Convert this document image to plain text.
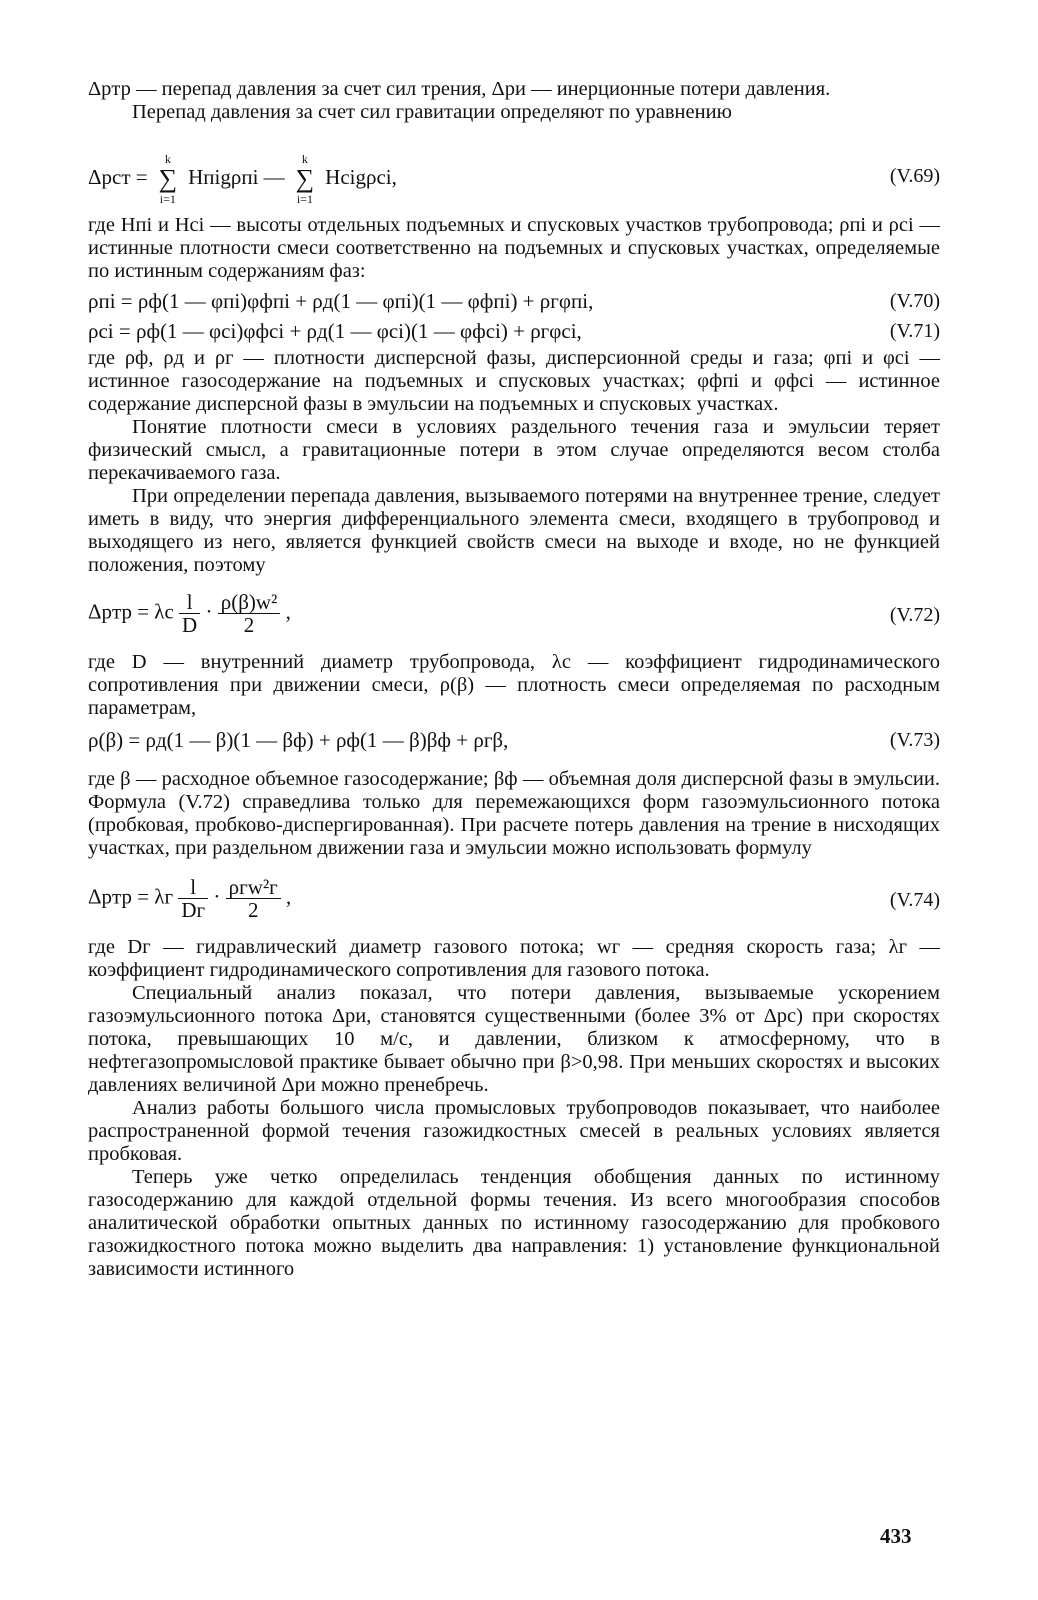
Δpтр — перепад давления за счет сил трения, Δpи — инерционные потери давления.

Перепад давления за счет сил гравитации определяют по уравнению

Δpст = k
∑
i=1 Hпigρпi — k
∑
i=1 Hcigρci,	(V.69)

где Hпi и Hci — высоты отдельных подъемных и спусковых участков трубопровода; ρпi и ρci — истинные плотности смеси соответственно на подъемных и спусковых участках, определяемые по истинным содержаниям фаз:

ρпi = ρф(1 — φпi)φфпi + ρд(1 — φпi)(1 — φфпi) + ρгφпi,	(V.70)
ρci = ρф(1 — φci)φфci + ρд(1 — φci)(1 — φфci) + ρгφci,	(V.71)

где ρф, ρд и ρг — плотности дисперсной фазы, дисперсионной среды и газа; φпi и φci — истинное газосодержание на подъемных и спусковых участках; φфпi и φфci — истинное содержание дисперсной фазы в эмульсии на подъемных и спусковых участках.

Понятие плотности смеси в условиях раздельного течения газа и эмульсии теряет физический смысл, а гравитационные потери в этом случае определяются весом столба перекачиваемого газа.

При определении перепада давления, вызываемого потерями на внутреннее трение, следует иметь в виду, что энергия дифференциального элемента смеси, входящего в трубопровод и выходящего из него, является функцией свойств смеси на выходе и входе, но не функцией положения, поэтому

Δpтр = λc $\frac{l}{D} \cdot \frac{\text{ρ(β)w²}}{2}$ ,	(V.72)

где D — внутренний диаметр трубопровода, λc — коэффициент гидродинамического сопротивления при движении смеси, ρ(β) — плотность смеси определяемая по расходным параметрам,

ρ(β) = ρд(1 — β)(1 — βф) + ρф(1 — β)βф + ρгβ,	(V.73)

где β — расходное объемное газосодержание; βф — объемная доля дисперсной фазы в эмульсии. Формула (V.72) справедлива только для перемежающихся форм газоэмульсионного потока (пробковая, пробково-диспергированная). При расчете потерь давления на трение в нисходящих участках, при раздельном движении газа и эмульсии можно использовать формулу

Δpтр = λг $\frac{l}{Dг} \cdot \frac{\text{ρгw²г}}{2}$ ,	(V.74)

где Dг — гидравлический диаметр газового потока; wг — средняя скорость газа; λг — коэффициент гидродинамического сопротивления для газового потока.

Специальный анализ показал, что потери давления, вызываемые ускорением газоэмульсионного потока Δpи, становятся существенными (более 3% от Δpс) при скоростях потока, превышающих 10 м/с, и давлении, близком к атмосферному, что в нефтегазопромысловой практике бывает обычно при β>0,98. При меньших скоростях и высоких давлениях величиной Δpи можно пренебречь.

Анализ работы большого числа промысловых трубопроводов показывает, что наиболее распространенной формой течения газожидкостных смесей в реальных условиях является пробковая.

Теперь уже четко определилась тенденция обобщения данных по истинному газосодержанию для каждой отдельной формы течения. Из всего многообразия способов аналитической обработки опытных данных по истинному газосодержанию для пробкового газожидкостного потока можно выделить два направления: 1) установление функциональной зависимости истинного

433
